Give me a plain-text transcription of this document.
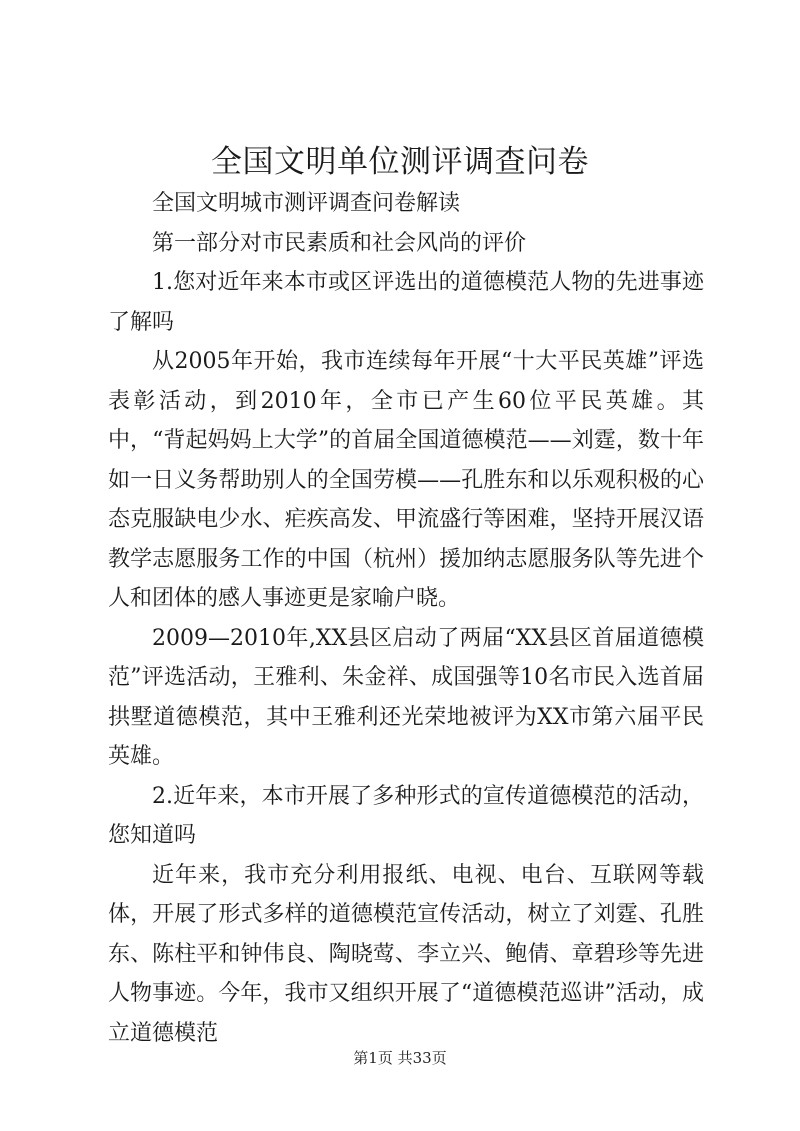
全国文明单位测评调查问卷

全国文明城市测评调查问卷解读

第一部分对市民素质和社会风尚的评价

1.您对近年来本市或区评选出的道德模范人物的先进事迹了解吗

从2005年开始，我市连续每年开展“十大平民英雄”评选表彰活动，到2010年，全市已产生60位平民英雄。其中，“背起妈妈上大学”的首届全国道德模范——刘霆，数十年如一日义务帮助别人的全国劳模——孔胜东和以乐观积极的心态克服缺电少水、疟疾高发、甲流盛行等困难，坚持开展汉语教学志愿服务工作的中国（杭州）援加纳志愿服务队等先进个人和团体的感人事迹更是家喻户晓。

2009—2010年,XX县区启动了两届“XX县区首届道德模范”评选活动，王雅利、朱金祥、成国强等10名市民入选首届拱墅道德模范，其中王雅利还光荣地被评为XX市第六届平民英雄。

2.近年来，本市开展了多种形式的宣传道德模范的活动，您知道吗

近年来，我市充分利用报纸、电视、电台、互联网等载体，开展了形式多样的道德模范宣传活动，树立了刘霆、孔胜东、陈柱平和钟伟良、陶晓莺、李立兴、鲍倩、章碧珍等先进人物事迹。今年，我市又组织开展了“道德模范巡讲”活动，成立道德模范

第1页 共33页
